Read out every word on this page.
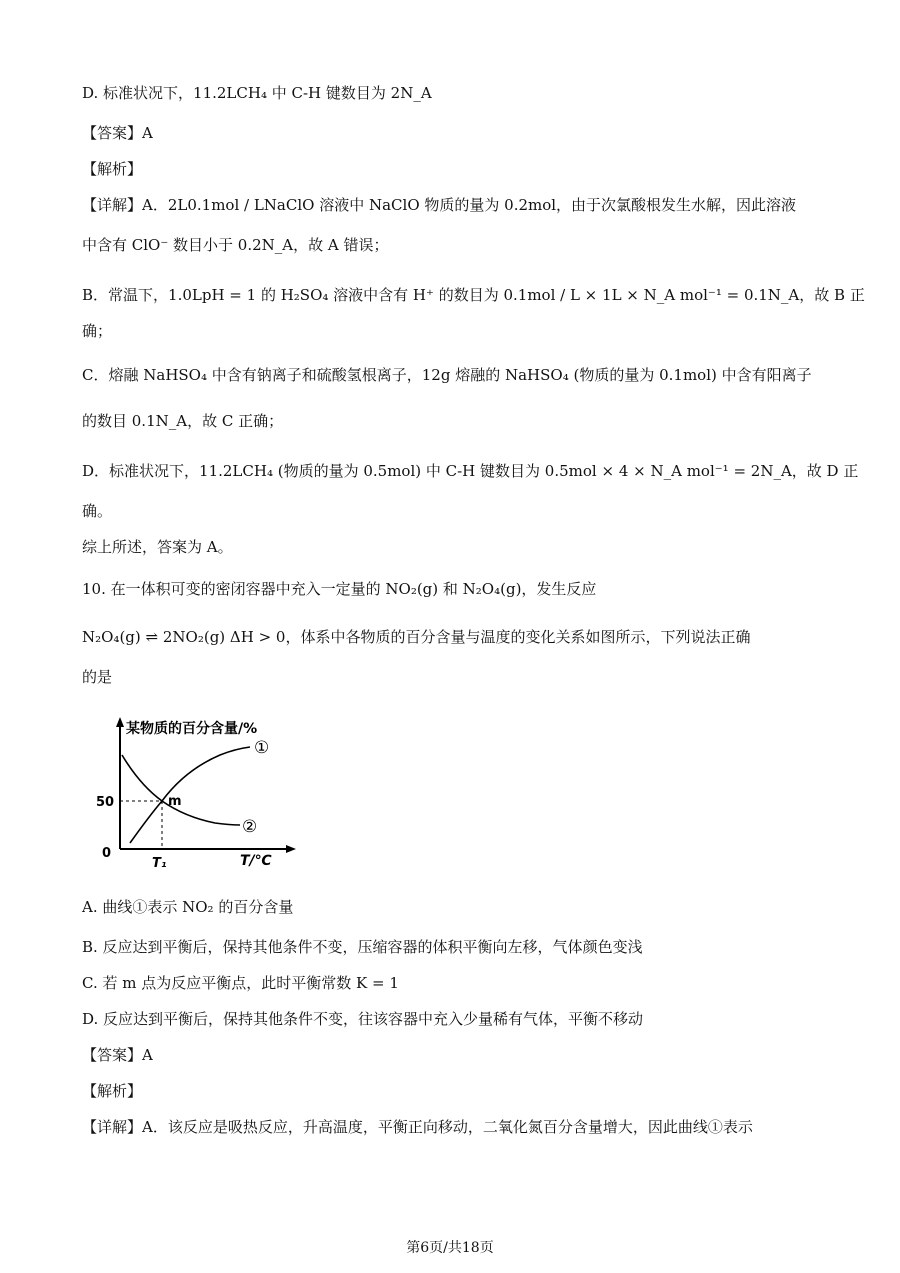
D. 标准状况下，11.2LCH₄ 中 C-H 键数目为 2N_A
【答案】A
【解析】
【详解】A．2L0.1mol / LNaClO 溶液中 NaClO 物质的量为 0.2mol，由于次氯酸根发生水解，因此溶液
中含有 ClO⁻ 数目小于 0.2N_A，故 A 错误；
B．常温下，1.0LpH = 1 的 H₂SO₄ 溶液中含有 H⁺ 的数目为 0.1mol / L × 1L × N_A mol⁻¹ = 0.1N_A，故 B 正
确；
C．熔融 NaHSO₄ 中含有钠离子和硫酸氢根离子，12g 熔融的 NaHSO₄ (物质的量为 0.1mol) 中含有阳离子
的数目 0.1N_A，故 C 正确；
D．标准状况下，11.2LCH₄ (物质的量为 0.5mol) 中 C-H 键数目为 0.5mol × 4 × N_A mol⁻¹ = 2N_A，故 D 正
确。
综上所述，答案为 A。
10. 在一体积可变的密闭容器中充入一定量的 NO₂(g) 和 N₂O₄(g)，发生反应
N₂O₄(g) ⇌ 2NO₂(g) ΔH > 0，体系中各物质的百分含量与温度的变化关系如图所示，下列说法正确
的是
某物质的百分含量/%
T/℃
50
0
T₁
m
①
②
A. 曲线①表示 NO₂ 的百分含量
B. 反应达到平衡后，保持其他条件不变，压缩容器的体积平衡向左移，气体颜色变浅
C. 若 m 点为反应平衡点，此时平衡常数 K = 1
D. 反应达到平衡后，保持其他条件不变，往该容器中充入少量稀有气体，平衡不移动
【答案】A
【解析】
【详解】A．该反应是吸热反应，升高温度，平衡正向移动，二氧化氮百分含量增大，因此曲线①表示
第6页/共18页
